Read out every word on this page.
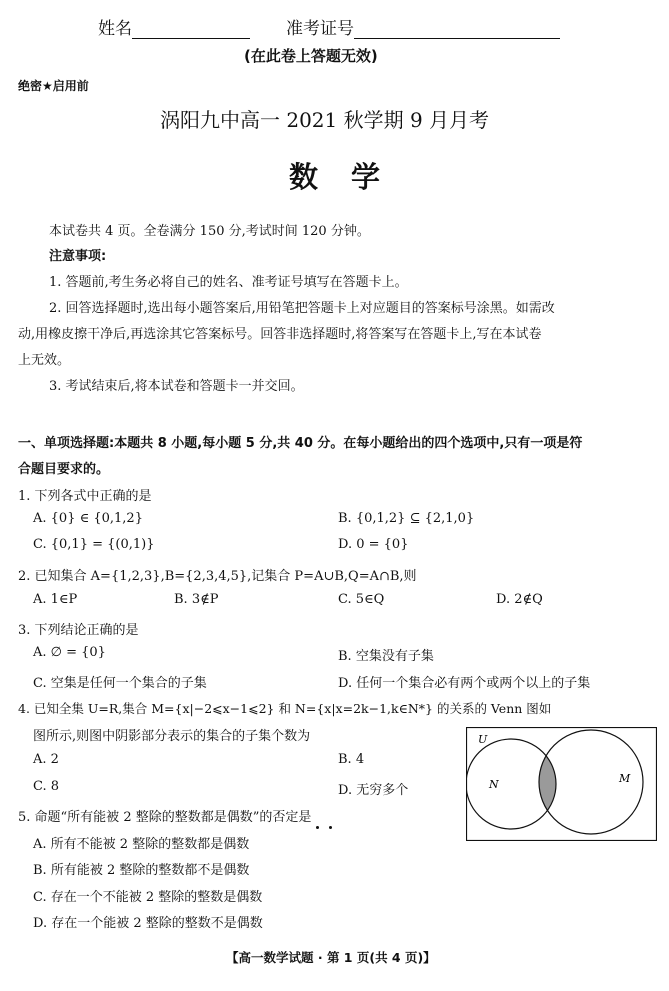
姓名	准考证号
(在此卷上答题无效)
绝密★启用前
涡阳九中高一 2021 秋学期 9 月月考
数　学
本试卷共 4 页。全卷满分 150 分,考试时间 120 分钟。
注意事项:
1. 答题前,考生务必将自己的姓名、准考证号填写在答题卡上。
2. 回答选择题时,选出每小题答案后,用铅笔把答题卡上对应题目的答案标号涂黑。如需改
动,用橡皮擦干净后,再选涂其它答案标号。回答非选择题时,将答案写在答题卡上,写在本试卷
上无效。
3. 考试结束后,将本试卷和答题卡一并交回。
一、单项选择题:本题共 8 小题,每小题 5 分,共 40 分。在每小题给出的四个选项中,只有一项是符
合题目要求的。
1. 下列各式中正确的是
A. {0} ∈ {0,1,2}	B. {0,1,2} ⊆ {2,1,0}
C. {0,1} = {(0,1)}	D. 0 = {0}
2. 已知集合 A={1,2,3},B={2,3,4,5},记集合 P=A∪B,Q=A∩B,则
A. 1∈P	B. 3∉P	C. 5∈Q	D. 2∉Q
3. 下列结论正确的是
A. ∅ = {0}	B. 空集没有子集
C. 空集是任何一个集合的子集	D. 任何一个集合必有两个或两个以上的子集
4. 已知全集 U=R,集合 M={x|−2⩽x−1⩽2} 和 N={x|x=2k−1,k∈N*} 的关系的 Venn 图如
图所示,则图中阴影部分表示的集合的子集个数为
A. 2	B. 4
C. 8	D. 无穷多个
U
N	M
5. 命题“所有能被 2 整除的整数都是偶数”的否定是
A. 所有不能被 2 整除的整数都是偶数
B. 所有能被 2 整除的整数都不是偶数
C. 存在一个不能被 2 整除的整数是偶数
D. 存在一个能被 2 整除的整数不是偶数
【高一数学试题 · 第 1 页(共 4 页)】
